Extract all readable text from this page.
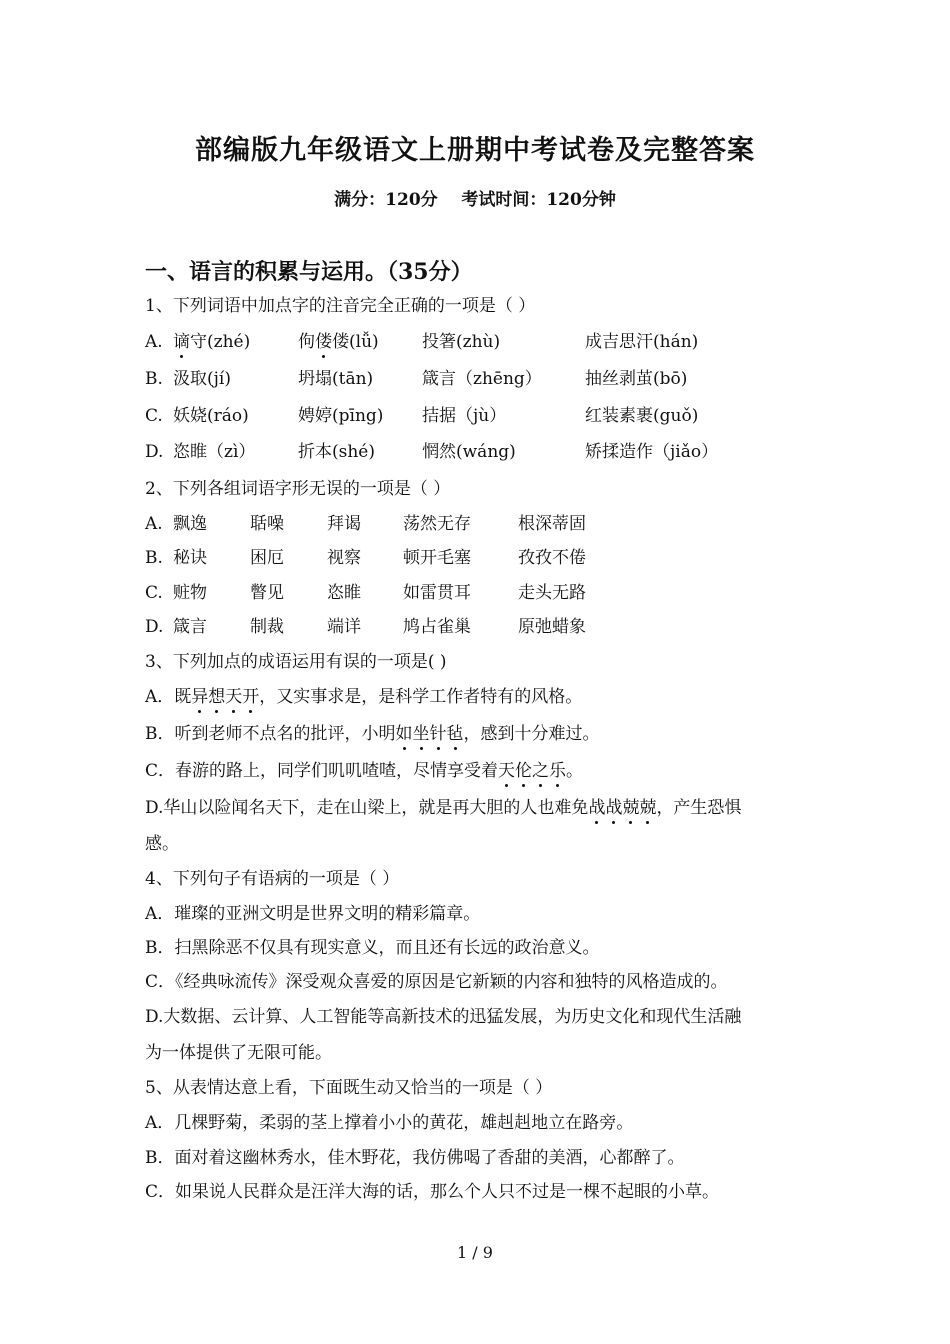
部编版九年级语文上册期中考试卷及完整答案
满分：120分    考试时间：120分钟
一、语言的积累与运用。（35分）
1、下列词语中加点字的注音完全正确的一项是（ ）
A. 谪守(zhé)	佝偻偻(lǚ)	投箸(zhù)	成吉思汗(hán)
B. 汲取(jí)	坍塌(tān)	箴言（zhēng）	抽丝剥茧(bō)
C. 妖娆(ráo)	娉婷(pīng) 拮据（jù）	红装素裹(guǒ)
D. 恣睢（zì）	折本(shé)	惘然(wáng)	矫揉造作（jiǎo）
2、下列各组词语字形无误的一项是（ ）
A. 飘逸	聒噪	拜谒 荡然无存	根深蒂固
B. 秘诀	困厄	视察 顿开毛塞	孜孜不倦
C. 赃物	瞥见	恣睢 如雷贯耳	走头无路
D. 箴言	制裁	端详 鸠占雀巢	原弛蜡象
3、下列加点的成语运用有误的一项是( )
A．既异想天开，又实事求是，是科学工作者特有的风格。
B．听到老师不点名的批评，小明如坐针毡，感到十分难过。
C．春游的路上，同学们叽叽喳喳，尽情享受着天伦之乐。
D.华山以险闻名天下，走在山梁上，就是再大胆的人也难免战战兢兢，产生恐惧
感。
4、下列句子有语病的一项是（ ）
A．璀璨的亚洲文明是世界文明的精彩篇章。
B．扫黑除恶不仅具有现实意义，而且还有长远的政治意义。
C．《经典咏流传》深受观众喜爱的原因是它新颖的内容和独特的风格造成的。
D.大数据、云计算、人工智能等高新技术的迅猛发展，为历史文化和现代生活融
为一体提供了无限可能。
5、从表情达意上看，下面既生动又恰当的一项是（ ）
A．几棵野菊，柔弱的茎上撑着小小的黄花，雄赳赳地立在路旁。
B．面对着这幽林秀水，佳木野花，我仿佛喝了香甜的美酒，心都醉了。
C．如果说人民群众是汪洋大海的话，那么个人只不过是一棵不起眼的小草。
1 / 9
